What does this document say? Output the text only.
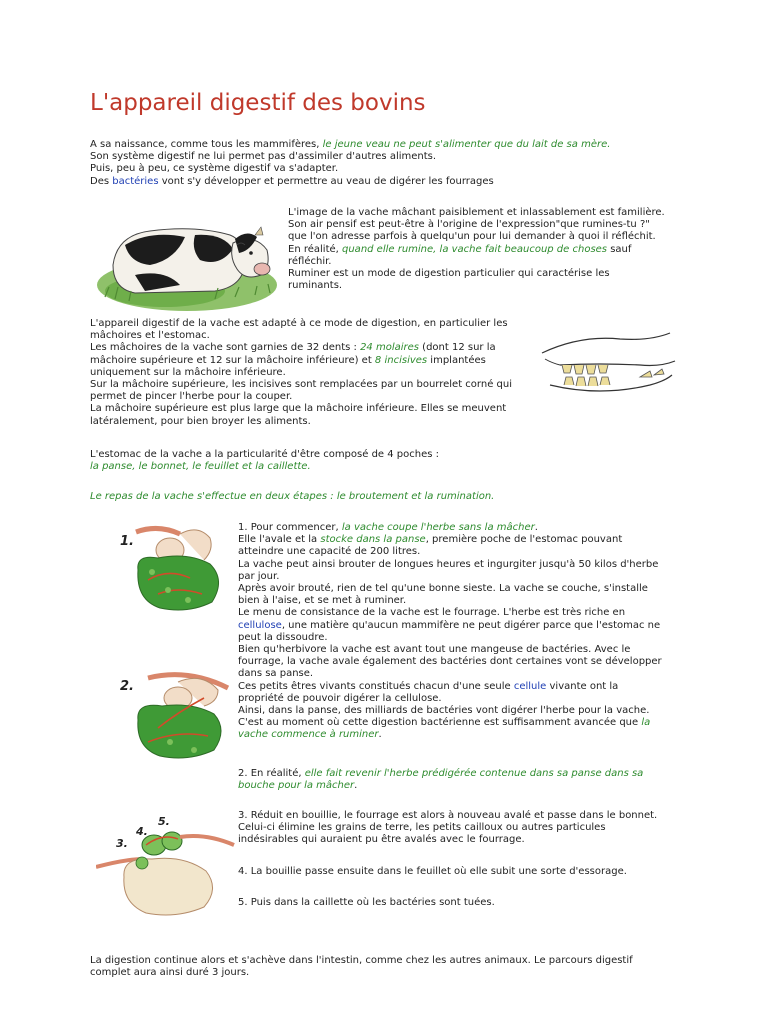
L'appareil digestif des bovins

A sa naissance, comme tous les mammifères, le jeune veau ne peut s'alimenter que du lait de sa mère.

Son système digestif ne lui permet pas d'assimiler d'autres aliments.

Puis, peu à peu, ce système digestif va s'adapter.

Des bactéries vont s'y développer et permettre au veau de digérer les fourrages

L'image de la vache mâchant paisiblement et inlassablement est familière.

Son air pensif est peut-être à l'origine de l'expression"que rumines-tu ?"

que l'on adresse parfois à quelqu'un pour lui demander à quoi il réfléchit.

En réalité, quand elle rumine, la vache fait beaucoup de choses sauf

réfléchir.

Ruminer est un mode de digestion particulier qui caractérise les

ruminants.

L'appareil digestif de la vache est adapté à ce mode de digestion, en particulier les

mâchoires et l'estomac.

Les mâchoires de la vache sont garnies de 32 dents : 24 molaires (dont 12 sur la

mâchoire supérieure et 12 sur la mâchoire inférieure) et 8 incisives implantées

uniquement sur la mâchoire inférieure.

Sur la mâchoire supérieure, les incisives sont remplacées par un bourrelet corné qui

permet de pincer l'herbe pour la couper.

La mâchoire supérieure est plus large que la mâchoire inférieure. Elles se meuvent

latéralement, pour bien broyer les aliments.

L'estomac de la vache a la particularité d'être composé de 4 poches :

la panse, le bonnet, le feuillet et la caillette.

Le repas de la vache s'effectue en deux étapes : le broutement et la rumination.
1.
2.
3.
4.
5.

1. Pour commencer, la vache coupe l'herbe sans la mâcher.

Elle l'avale et la stocke dans la panse, première poche de l'estomac pouvant

atteindre une capacité de 200 litres.

La vache peut ainsi brouter de longues heures et ingurgiter jusqu'à 50 kilos d'herbe

par jour.

Après avoir brouté, rien de tel qu'une bonne sieste. La vache se couche, s'installe

bien à l'aise, et se met à ruminer.

Le menu de consistance de la vache est le fourrage. L'herbe est très riche en

cellulose, une matière qu'aucun mammifère ne peut digérer parce que l'estomac ne

peut la dissoudre.

Bien qu'herbivore la vache est avant tout une mangeuse de bactéries. Avec le

fourrage, la vache avale également des bactéries dont certaines vont se développer

dans sa panse.

Ces petits êtres vivants constitués chacun d'une seule cellule vivante ont la

propriété de pouvoir digérer la cellulose.

Ainsi, dans la panse, des milliards de bactéries vont digérer l'herbe pour la vache.

C'est au moment où cette digestion bactérienne est suffisamment avancée que la

vache commence à ruminer.

2. En réalité, elle fait revenir l'herbe prédigérée contenue dans sa panse dans sa

bouche pour la mâcher.

3. Réduit en bouillie, le fourrage est alors à nouveau avalé et passe dans le bonnet.

Celui-ci élimine les grains de terre, les petits cailloux ou autres particules

indésirables qui auraient pu être avalés avec le fourrage.

4. La bouillie passe ensuite dans le feuillet où elle subit une sorte d'essorage.
5. Puis dans la caillette où les bactéries sont tuées.

La digestion continue alors et s'achève dans l'intestin, comme chez les autres animaux. Le parcours digestif

complet aura ainsi duré 3 jours.
